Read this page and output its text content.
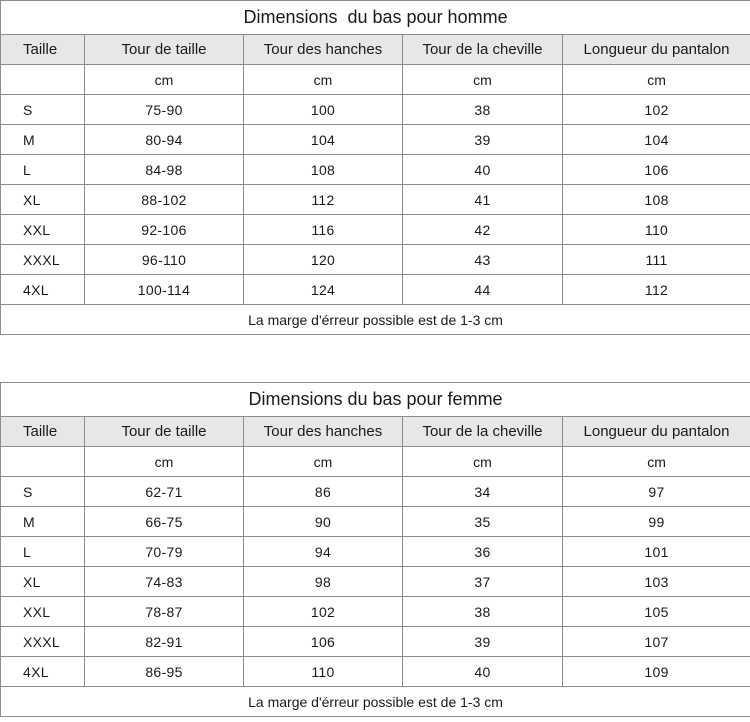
Dimensions  du bas pour homme				
Taille	Tour de taille	Tour des hanches	Tour de la cheville	Longueur du pantalon
	cm	cm	cm	cm
S	75-90	100	38	102
M	80-94	104	39	104
L	84-98	108	40	106
XL	88-102	112	41	108
XXL	92-106	116	42	110
XXXL	96-110	120	43	111
4XL	100-114	124	44	112
La marge d'érreur possible est de 1-3 cm				
Dimensions du bas pour femme				
Taille	Tour de taille	Tour des hanches	Tour de la cheville	Longueur du pantalon
	cm	cm	cm	cm
S	62-71	86	34	97
M	66-75	90	35	99
L	70-79	94	36	101
XL	74-83	98	37	103
XXL	78-87	102	38	105
XXXL	82-91	106	39	107
4XL	86-95	110	40	109
La marge d'érreur possible est de 1-3 cm				
